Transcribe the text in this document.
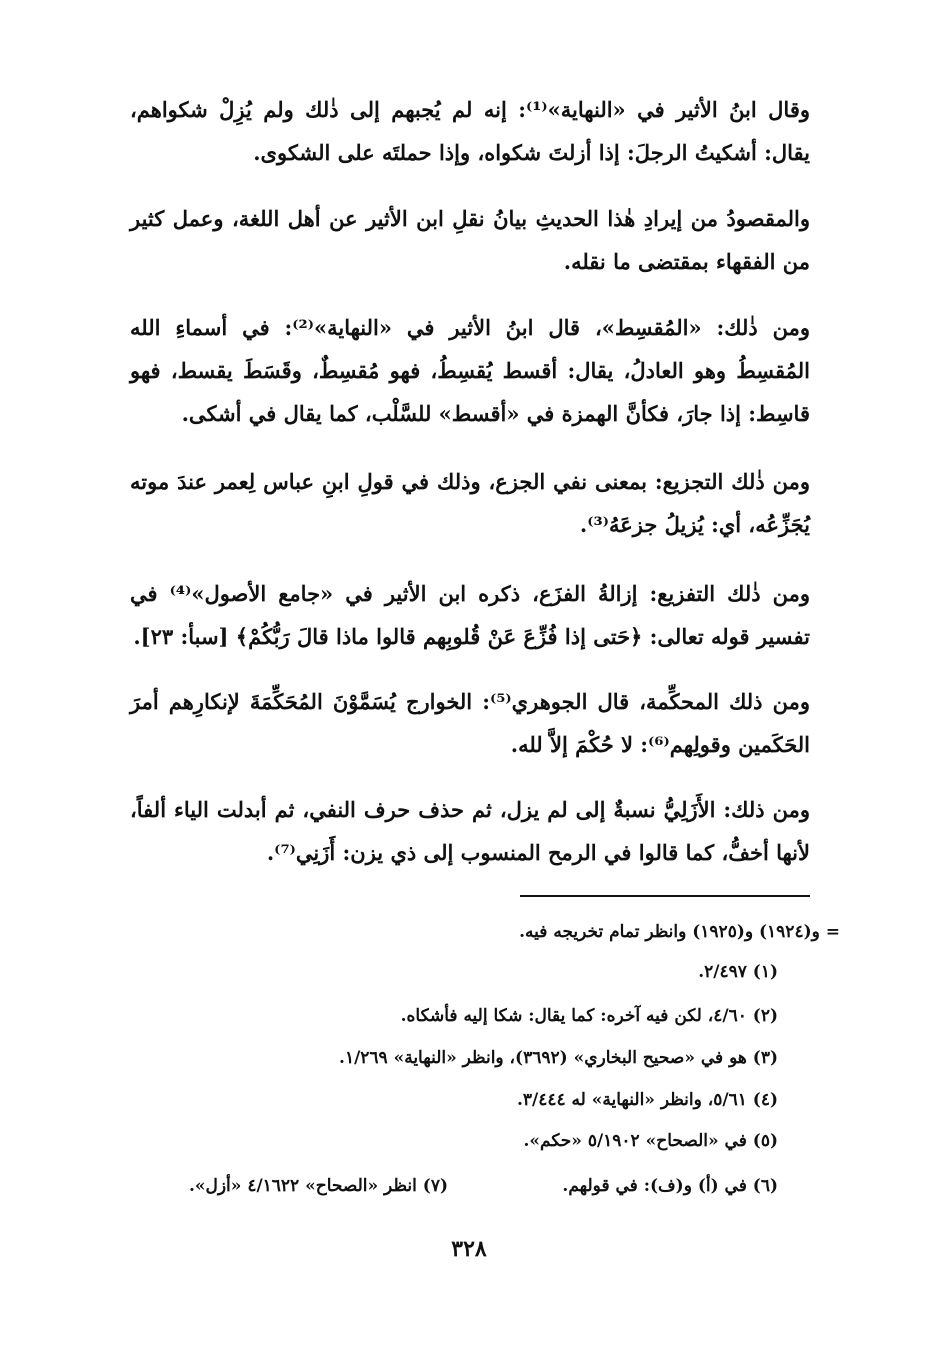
وقال ابنُ الأثير في «النهاية»⁽¹⁾: إنه لم يُجبهم إلى ذٰلك ولم يُزِلْ شكواهم، يقال: أشكيتُ الرجلَ: إذا أزلتَ شكواه، وإذا حملتَه على الشكوى.

والمقصودُ من إيرادِ هٰذا الحديثِ بيانُ نقلِ ابن الأثير عن أهل اللغة، وعمل كثير من الفقهاء بمقتضى ما نقله.

ومن ذٰلك: «المُقسِط»، قال ابنُ الأثير في «النهاية»⁽²⁾: في أسماءِ الله المُقسِطُ وهو العادلُ، يقال: أقسط يُقسِطُ، فهو مُقسِطٌ، وقَسَطَ يقسط، فهو قاسِط: إذا جارَ، فكأنَّ الهمزة في «أقسط» للسَّلْب، كما يقال في أشكى.

ومن ذٰلك التجزيع: بمعنى نفي الجزع، وذلك في قولِ ابنِ عباس لِعمر عندَ موته يُجَزِّعُه، أي: يُزيلُ جزعَهُ⁽³⁾.

ومن ذٰلك التفزيع: إزالةُ الفزَع، ذكره ابن الأثير في «جامع الأصول»⁽⁴⁾ في تفسير قوله تعالى: ﴿حَتى إذا فُزِّعَ عَنْ قُلوبِهم قالوا ماذا قالَ رَبُّكُمْ﴾ [سبأ: ٢٣].

ومن ذلك المحكِّمة، قال الجوهري⁽⁵⁾: الخوارج يُسَمَّوْنَ المُحَكِّمَةَ لإنكارِهم أمرَ الحَكَمين وقولِهم⁽⁶⁾: لا حُكْمَ إلاَّ لله.

ومن ذلك: الأَزَلِيُّ نسبةٌ إلى لم يزل، ثم حذف حرف النفي، ثم أبدلت الياء ألفاً، لأنها أخفُّ، كما قالوا في الرمح المنسوب إلى ذي يزن: أَزَنِي⁽⁷⁾.

= و(١٩٢٤) و(١٩٢٥) وانظر تمام تخريجه فيه.

(١) ٢/٤٩٧.

(٢) ٤/٦٠، لكن فيه آخره: كما يقال: شكا إليه فأشكاه.

(٣) هو في «صحيح البخاري» (٣٦٩٢)، وانظر «النهاية» ١/٢٦٩.

(٤) ٥/٦١، وانظر «النهاية» له ٣/٤٤٤.

(٥) في «الصحاح» ٥/١٩٠٢ «حكم».

(٦) في (أ) و(ف): في قولهم.

(٧) انظر «الصحاح» ٤/١٦٢٢ «أزل».

٣٢٨
